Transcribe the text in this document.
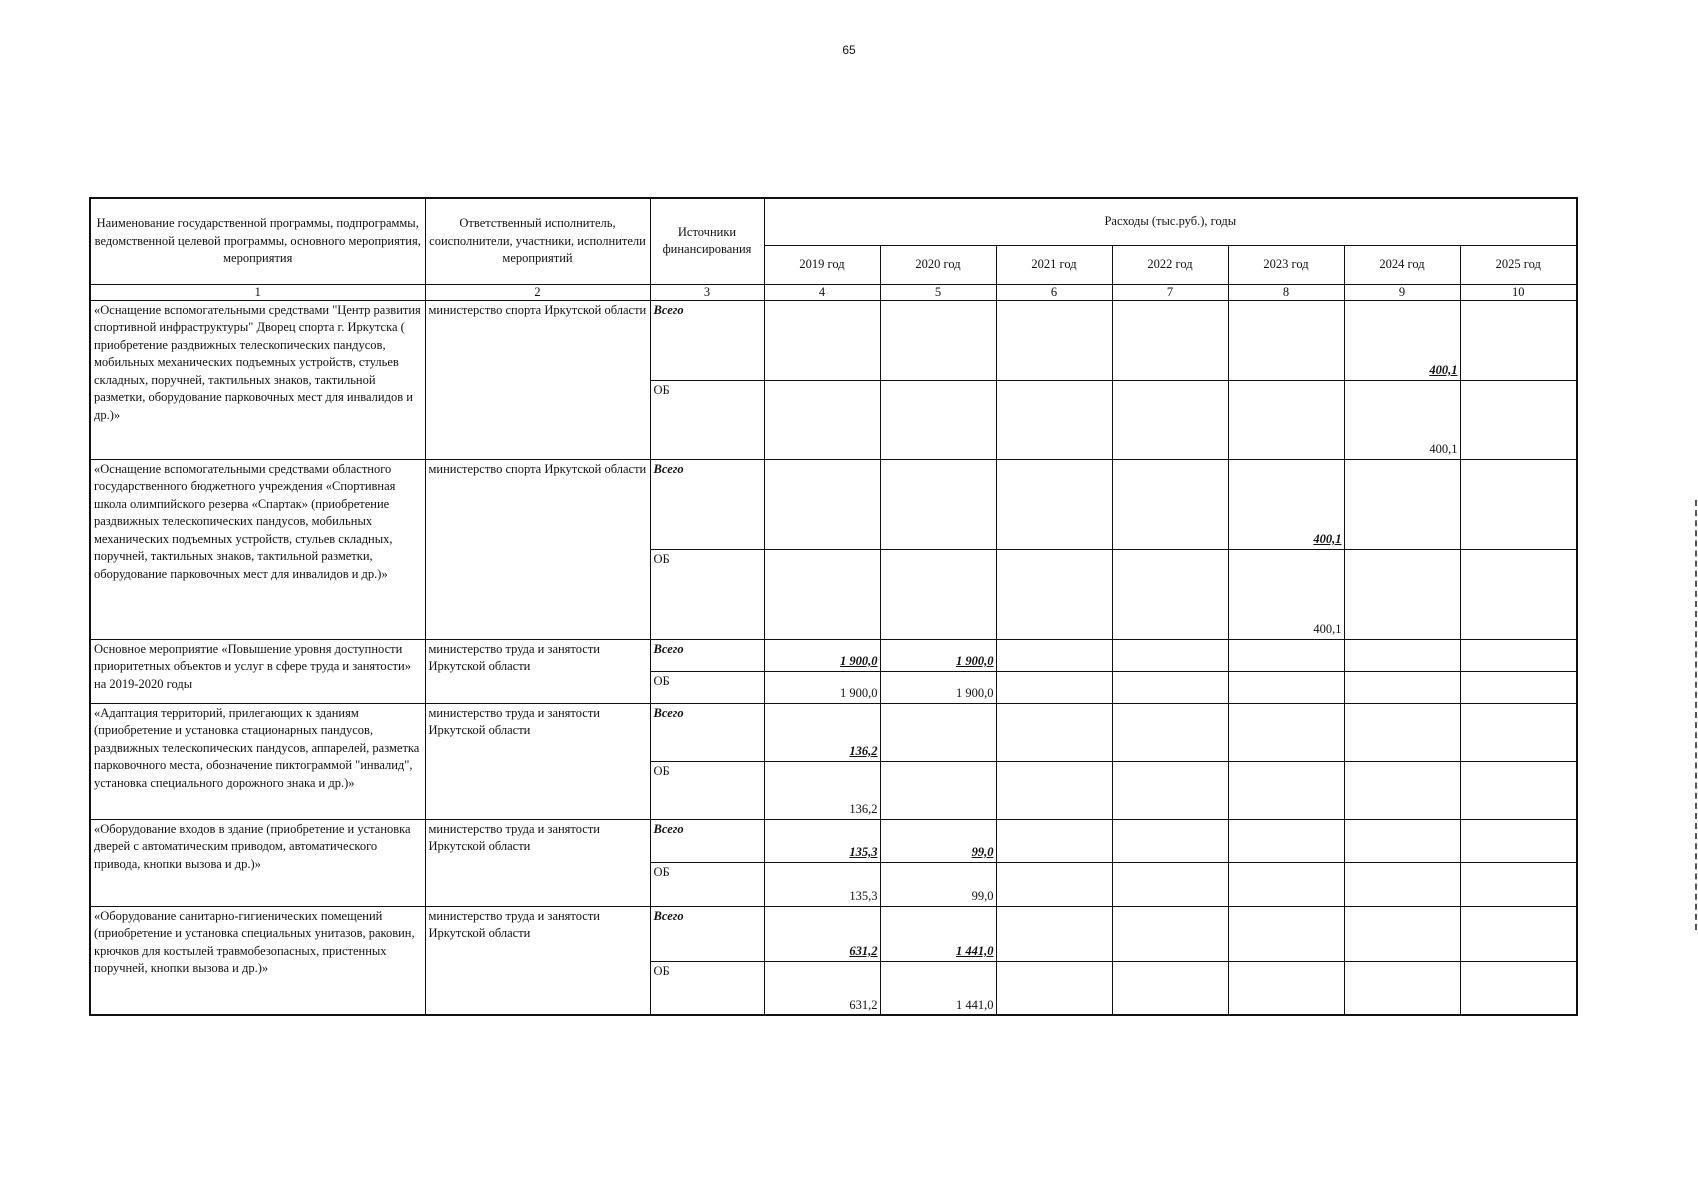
65
Наименование государственной программы, подпрограммы, ведомственной целевой программы, основного мероприятия, мероприятия	Ответственный исполнитель, соисполнители, участники, исполнители мероприятий	Источники финансирования	Расходы (тыс.руб.), годы						
			2019 год	2020 год	2021 год	2022 год	2023 год	2024 год	2025 год
1	2	3	4	5	6	7	8	9	10
«Оснащение вспомогательными средствами "Центр развития спортивной инфраструктуры" Дворец спорта г. Иркутска ( приобретение раздвижных телескопических пандусов, мобильных механических подъемных устройств, стульев складных, поручней, тактильных знаков, тактильной разметки, оборудование парковочных мест для инвалидов и др.)»	министерство спорта Иркутской области	Всего						400,1	
		ОБ						400,1	
«Оснащение вспомогательными средствами областного государственного бюджетного учреждения «Спортивная школа олимпийского резерва «Спартак» (приобретение раздвижных телескопических пандусов, мобильных механических подъемных устройств, стульев складных, поручней, тактильных знаков, тактильной разметки, оборудование парковочных мест для инвалидов и др.)»	министерство спорта Иркутской области	Всего					400,1		
		ОБ					400,1		
Основное мероприятие «Повышение уровня доступности приоритетных объектов и услуг в сфере труда и занятости» на 2019-2020 годы	министерство труда и занятости Иркутской области	Всего	1 900,0	1 900,0					
		ОБ	1 900,0	1 900,0					
«Адаптация территорий, прилегающих к зданиям (приобретение и установка стационарных пандусов, раздвижных телескопических пандусов, аппарелей, разметка парковочного места, обозначение пиктограммой "инвалид", установка специального дорожного знака и др.)»	министерство труда и занятости Иркутской области	Всего	136,2						
		ОБ	136,2						
«Оборудование входов в здание (приобретение и установка дверей с автоматическим приводом, автоматического привода, кнопки вызова и др.)»	министерство труда и занятости Иркутской области	Всего	135,3	99,0					
		ОБ	135,3	99,0					
«Оборудование санитарно-гигиенических помещений (приобретение и установка специальных унитазов, раковин, крючков для костылей травмобезопасных, пристенных поручней, кнопки вызова и др.)»	министерство труда и занятости Иркутской области	Всего	631,2	1 441,0					
		ОБ	631,2	1 441,0					
